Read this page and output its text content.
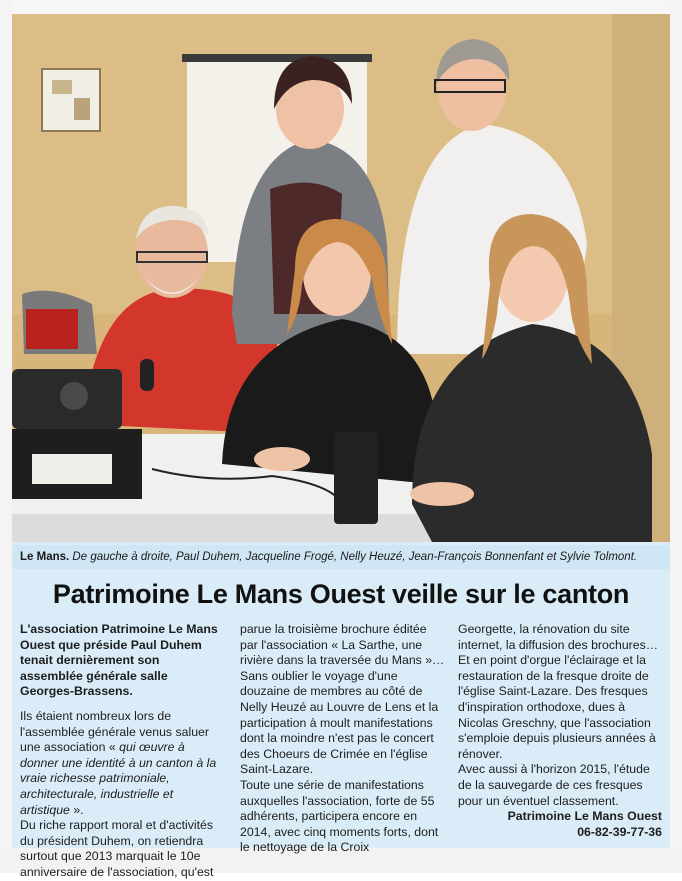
Le Mans. De gauche à droite, Paul Duhem, Jacqueline Frogé, Nelly Heuzé, Jean-François Bonnenfant et Sylvie Tolmont.
Patrimoine Le Mans Ouest veille sur le canton

L'association Patrimoine Le Mans Ouest que préside Paul Duhem tenait dernièrement son assemblée générale salle Georges-Brassens.

Ils étaient nombreux lors de l'assemblée générale venus saluer une association « qui œuvre à donner une identité à un canton à la vraie richesse patrimoniale, architecturale, industrielle et artistique ».

Du riche rapport moral et d'activités du président Duhem, on retiendra surtout que 2013 marquait le 10e anniversaire de l'association, qu'est

parue la troisième brochure éditée par l'association « La Sarthe, une rivière dans la traversée du Mans »… Sans oublier le voyage d'une douzaine de membres au côté de Nelly Heuzé au Louvre de Lens et la participation à moult manifestations dont la moindre n'est pas le concert des Choeurs de Crimée en l'église Saint-Lazare.

Toute une série de manifestations auxquelles l'association, forte de 55 adhérents, participera encore en 2014, avec cinq moments forts, dont le nettoyage de la Croix

Georgette, la rénovation du site internet, la diffusion des brochures… Et en point d'orgue l'éclairage et la restauration de la fresque droite de l'église Saint-Lazare. Des fresques d'inspiration orthodoxe, dues à Nicolas Greschny, que l'association s'emploie depuis plusieurs années à rénover.

Avec aussi à l'horizon 2015, l'étude de la sauvegarde de ces fresques pour un éventuel classement.

Patrimoine Le Mans Ouest

06-82-39-77-36
